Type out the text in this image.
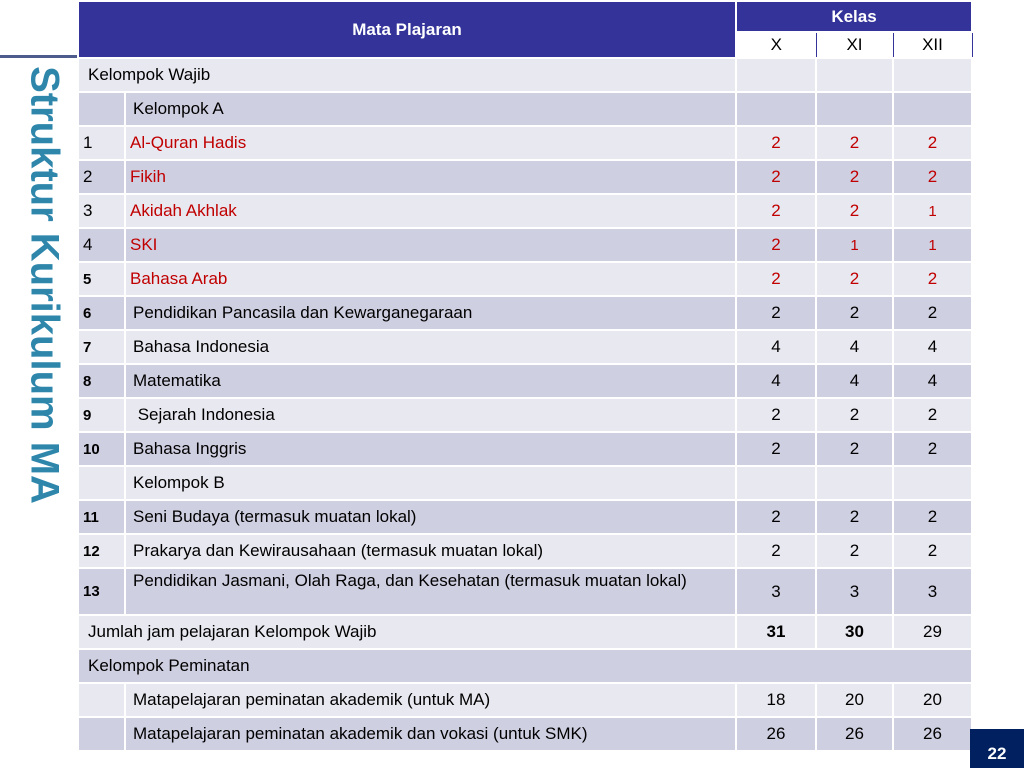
Struktur Kurikulum MA
Mata Plajaran		Kelas		
		X	XI	XII
Kelompok Wajib				
	Kelompok A			
1	Al-Quran Hadis	2	2	2
2	Fikih	2	2	2
3	Akidah Akhlak	2	2	1
4	SKI	2	1	1
5	Bahasa Arab	2	2	2
6	Pendidikan Pancasila dan Kewarganegaraan	2	2	2
7	Bahasa Indonesia	4	4	4
8	Matematika	4	4	4
9	Sejarah Indonesia	2	2	2
10	Bahasa Inggris	2	2	2
	Kelompok B			
11	Seni Budaya (termasuk muatan lokal)	2	2	2
12	Prakarya dan Kewirausahaan (termasuk muatan lokal)	2	2	2
13	Pendidikan Jasmani, Olah Raga, dan Kesehatan (termasuk muatan lokal)	3	3	3
Jumlah jam pelajaran Kelompok Wajib		31	30	29
Kelompok Peminatan				
	Matapelajaran peminatan akademik (untuk MA)	18	20	20
	Matapelajaran peminatan akademik dan vokasi (untuk SMK)	26	26	26
22
